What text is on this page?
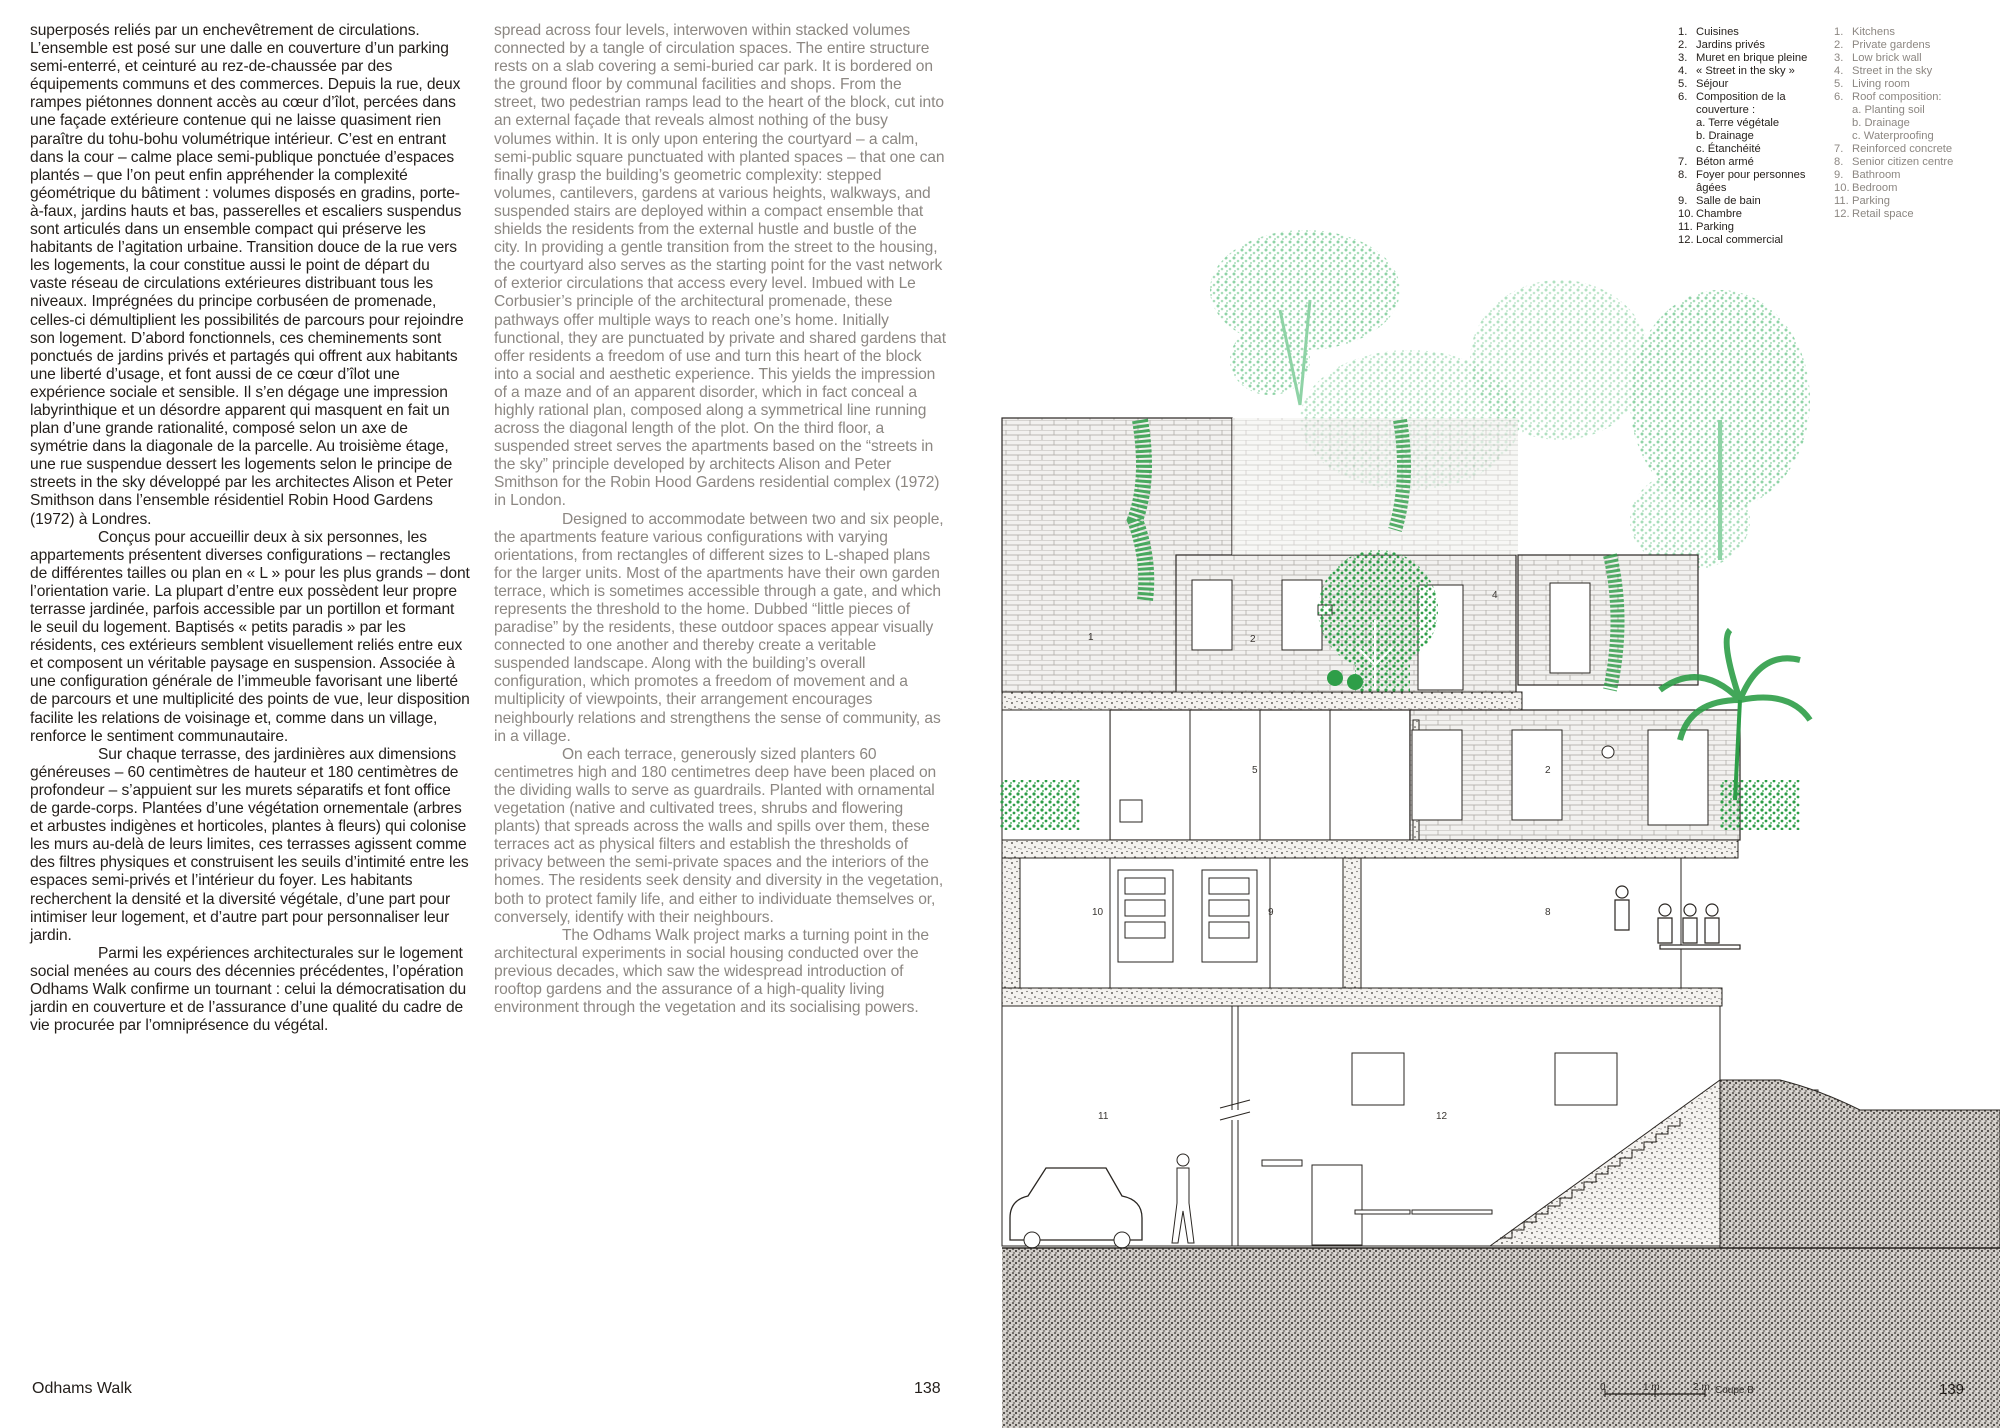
superposés reliés par un enchevêtrement de circulations. L’ensemble est posé sur une dalle en couverture d’un parking semi-enterré, et ceinturé au rez-de-chaussée par des équipements communs et des commerces. Depuis la rue, deux rampes piétonnes donnent accès au cœur d’îlot, percées dans une façade extérieure contenue qui ne laisse quasiment rien paraître du tohu-bohu volumétrique intérieur. C’est en entrant dans la cour – calme place semi-publique ponctuée d’espaces plantés – que l’on peut enfin appréhender la complexité géométrique du bâtiment : volumes disposés en gradins, porte-à-faux, jardins hauts et bas, passerelles et escaliers suspendus sont articulés dans un ensemble compact qui préserve les habitants de l’agitation urbaine. Transition douce de la rue vers les logements, la cour constitue aussi le point de départ du vaste réseau de circulations extérieures distribuant tous les niveaux. Imprégnées du principe corbuséen de promenade, celles-ci démultiplient les possibilités de parcours pour rejoindre son logement. D’abord fonctionnels, ces cheminements sont ponctués de jardins privés et partagés qui offrent aux habitants une liberté d’usage, et font aussi de ce cœur d’îlot une expérience sociale et sensible. Il s’en dégage une impression labyrinthique et un désordre apparent qui masquent en fait un plan d’une grande rationalité, composé selon un axe de symétrie dans la diagonale de la parcelle. Au troisième étage, une rue suspendue dessert les logements selon le principe de streets in the sky développé par les architectes Alison et Peter Smithson dans l’ensemble résidentiel Robin Hood Gardens (1972) à Londres.

Conçus pour accueillir deux à six personnes, les appartements présentent diverses configurations – rectangles de différentes tailles ou plan en « L » pour les plus grands – dont l’orientation varie. La plupart d’entre eux possèdent leur propre terrasse jardinée, parfois accessible par un portillon et formant le seuil du logement. Baptisés « petits paradis » par les résidents, ces extérieurs semblent visuellement reliés entre eux et composent un véritable paysage en suspension. Associée à une configuration générale de l’immeuble favorisant une liberté de parcours et une multiplicité des points de vue, leur disposition facilite les relations de voisinage et, comme dans un village, renforce le sentiment communautaire.

Sur chaque terrasse, des jardinières aux dimensions généreuses – 60 centimètres de hauteur et 180 centimètres de profondeur – s’appuient sur les murets séparatifs et font office de garde-corps. Plantées d’une végétation ornementale (arbres et arbustes indigènes et horticoles, plantes à fleurs) qui colonise les murs au-delà de leurs limites, ces terrasses agissent comme des filtres physiques et construisent les seuils d’intimité entre les espaces semi-privés et l’intérieur du foyer. Les habitants recherchent la densité et la diversité végétale, d’une part pour intimiser leur logement, et d’autre part pour personnaliser leur jardin.

Parmi les expériences architecturales sur le logement social menées au cours des décennies précédentes, l’opération Odhams Walk confirme un tournant : celui la démocratisation du jardin en couverture et de l’assurance d’une qualité du cadre de vie procurée par l’omniprésence du végétal.

spread across four levels, interwoven within stacked volumes connected by a tangle of circulation spaces. The entire structure rests on a slab covering a semi-buried car park. It is bordered on the ground floor by communal facilities and shops. From the street, two pedestrian ramps lead to the heart of the block, cut into an external façade that reveals almost nothing of the busy volumes within. It is only upon entering the courtyard – a calm, semi-public square punctuated with planted spaces – that one can finally grasp the building’s geometric complexity: stepped volumes, cantilevers, gardens at various heights, walkways, and suspended stairs are deployed within a compact ensemble that shields the residents from the external hustle and bustle of the city. In providing a gentle transition from the street to the housing, the courtyard also serves as the starting point for the vast network of exterior circulations that access every level. Imbued with Le Corbusier’s principle of the architectural promenade, these pathways offer multiple ways to reach one’s home. Initially functional, they are punctuated by private and shared gardens that offer residents a freedom of use and turn this heart of the block into a social and aesthetic experience. This yields the impression of a maze and of an apparent disorder, which in fact conceal a highly rational plan, composed along a symmetrical line running across the diagonal length of the plot. On the third floor, a suspended street serves the apartments based on the “streets in the sky” principle developed by architects Alison and Peter Smithson for the Robin Hood Gardens residential complex (1972) in London.

Designed to accommodate between two and six people, the apartments feature various configurations with varying orientations, from rectangles of different sizes to L-shaped plans for the larger units. Most of the apartments have their own garden terrace, which is sometimes accessible through a gate, and which represents the threshold to the home. Dubbed “little pieces of paradise” by the residents, these outdoor spaces appear visually connected to one another and thereby create a veritable suspended landscape. Along with the building’s overall configuration, which promotes a freedom of movement and a multiplicity of viewpoints, their arrangement encourages neighbourly relations and strengthens the sense of community, as in a village.

On each terrace, generously sized planters 60 centimetres high and 180 centimetres deep have been placed on the dividing walls to serve as guardrails. Planted with ornamental vegetation (native and cultivated trees, shrubs and flowering plants) that spreads across the walls and spills over them, these terraces act as physical filters and establish the thresholds of privacy between the semi-private spaces and the interiors of the homes. The residents seek density and diversity in the vegetation, both to protect family life, and either to individuate themselves or, conversely, identify with their neighbours.

The Odhams Walk project marks a turning point in the architectural experiments in social housing conducted over the previous decades, which saw the widespread introduction of rooftop gardens and the assurance of a high-quality living environment through the vegetation and its socialising powers.

Odhams Walk	138
1. Cuisines
2. Jardins privés
3. Muret en brique pleine
4. « Street in the sky »
5. Séjour
6. Composition de la couverture :
a. Terre végétale
b. Drainage
c. Étanchéité
7. Béton armé
8. Foyer pour personnes âgées
9. Salle de bain
10. Chambre
11. Parking
12. Local commercial
1. Kitchens
2. Private gardens
3. Low brick wall
4. Street in the sky
5. Living room
6. Roof composition:
a. Planting soil
b. Drainage
c. Waterproofing
7. Reinforced concrete
8. Senior citizen centre
9. Bathroom
10. Bedroom
11. Parking
12. Retail space
1	2
4
5	2
10	9	8
11	12
0	1 m	2 m Coupe B	139
